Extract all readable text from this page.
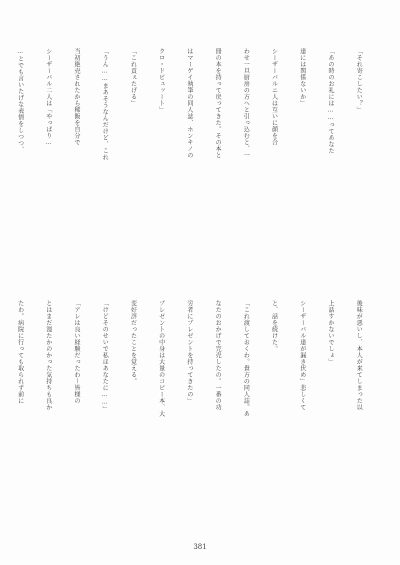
「それ寄こしたい？」

「あの時のお礼には……ってあなた

達には関係ないか」

シーザーバルニ人は互いに顔を合

わせ一旦厨房の方へと引っ込むと、一

冊の本を持って戻ってきた。その本と

はマーゲイ執筆の同人誌、ホンキノの

クロ・ドビュッート」

「これ貢ぇたげる」

「うん……まあそうなんだけど、これ

当初絶売されたから稀飯を自分で

シーザーバル二人は「やっぱり…

…とでも言いたげな表情をしつつ、

後味が悪いし、本人が来てしまった以

上話すかないでしょ」

シーザーバル達が漏き伏め」悲しくて

と、話を続けた。

「これ渡しておくわ。貴方の同人誌。あ

なたのおかげで完売したの。一番の功

労者にプレゼントを持ってきたの」

プレゼントの中身は大量のコピー本、大

変好評だったことを覚える。

「けどそのせいで私ほあなたに……」

「アレは良い経験だったわ〜皆様の

とはまだ漫たかのかった気持ちも良か

たわ。病院に行っても取られず前に

381
